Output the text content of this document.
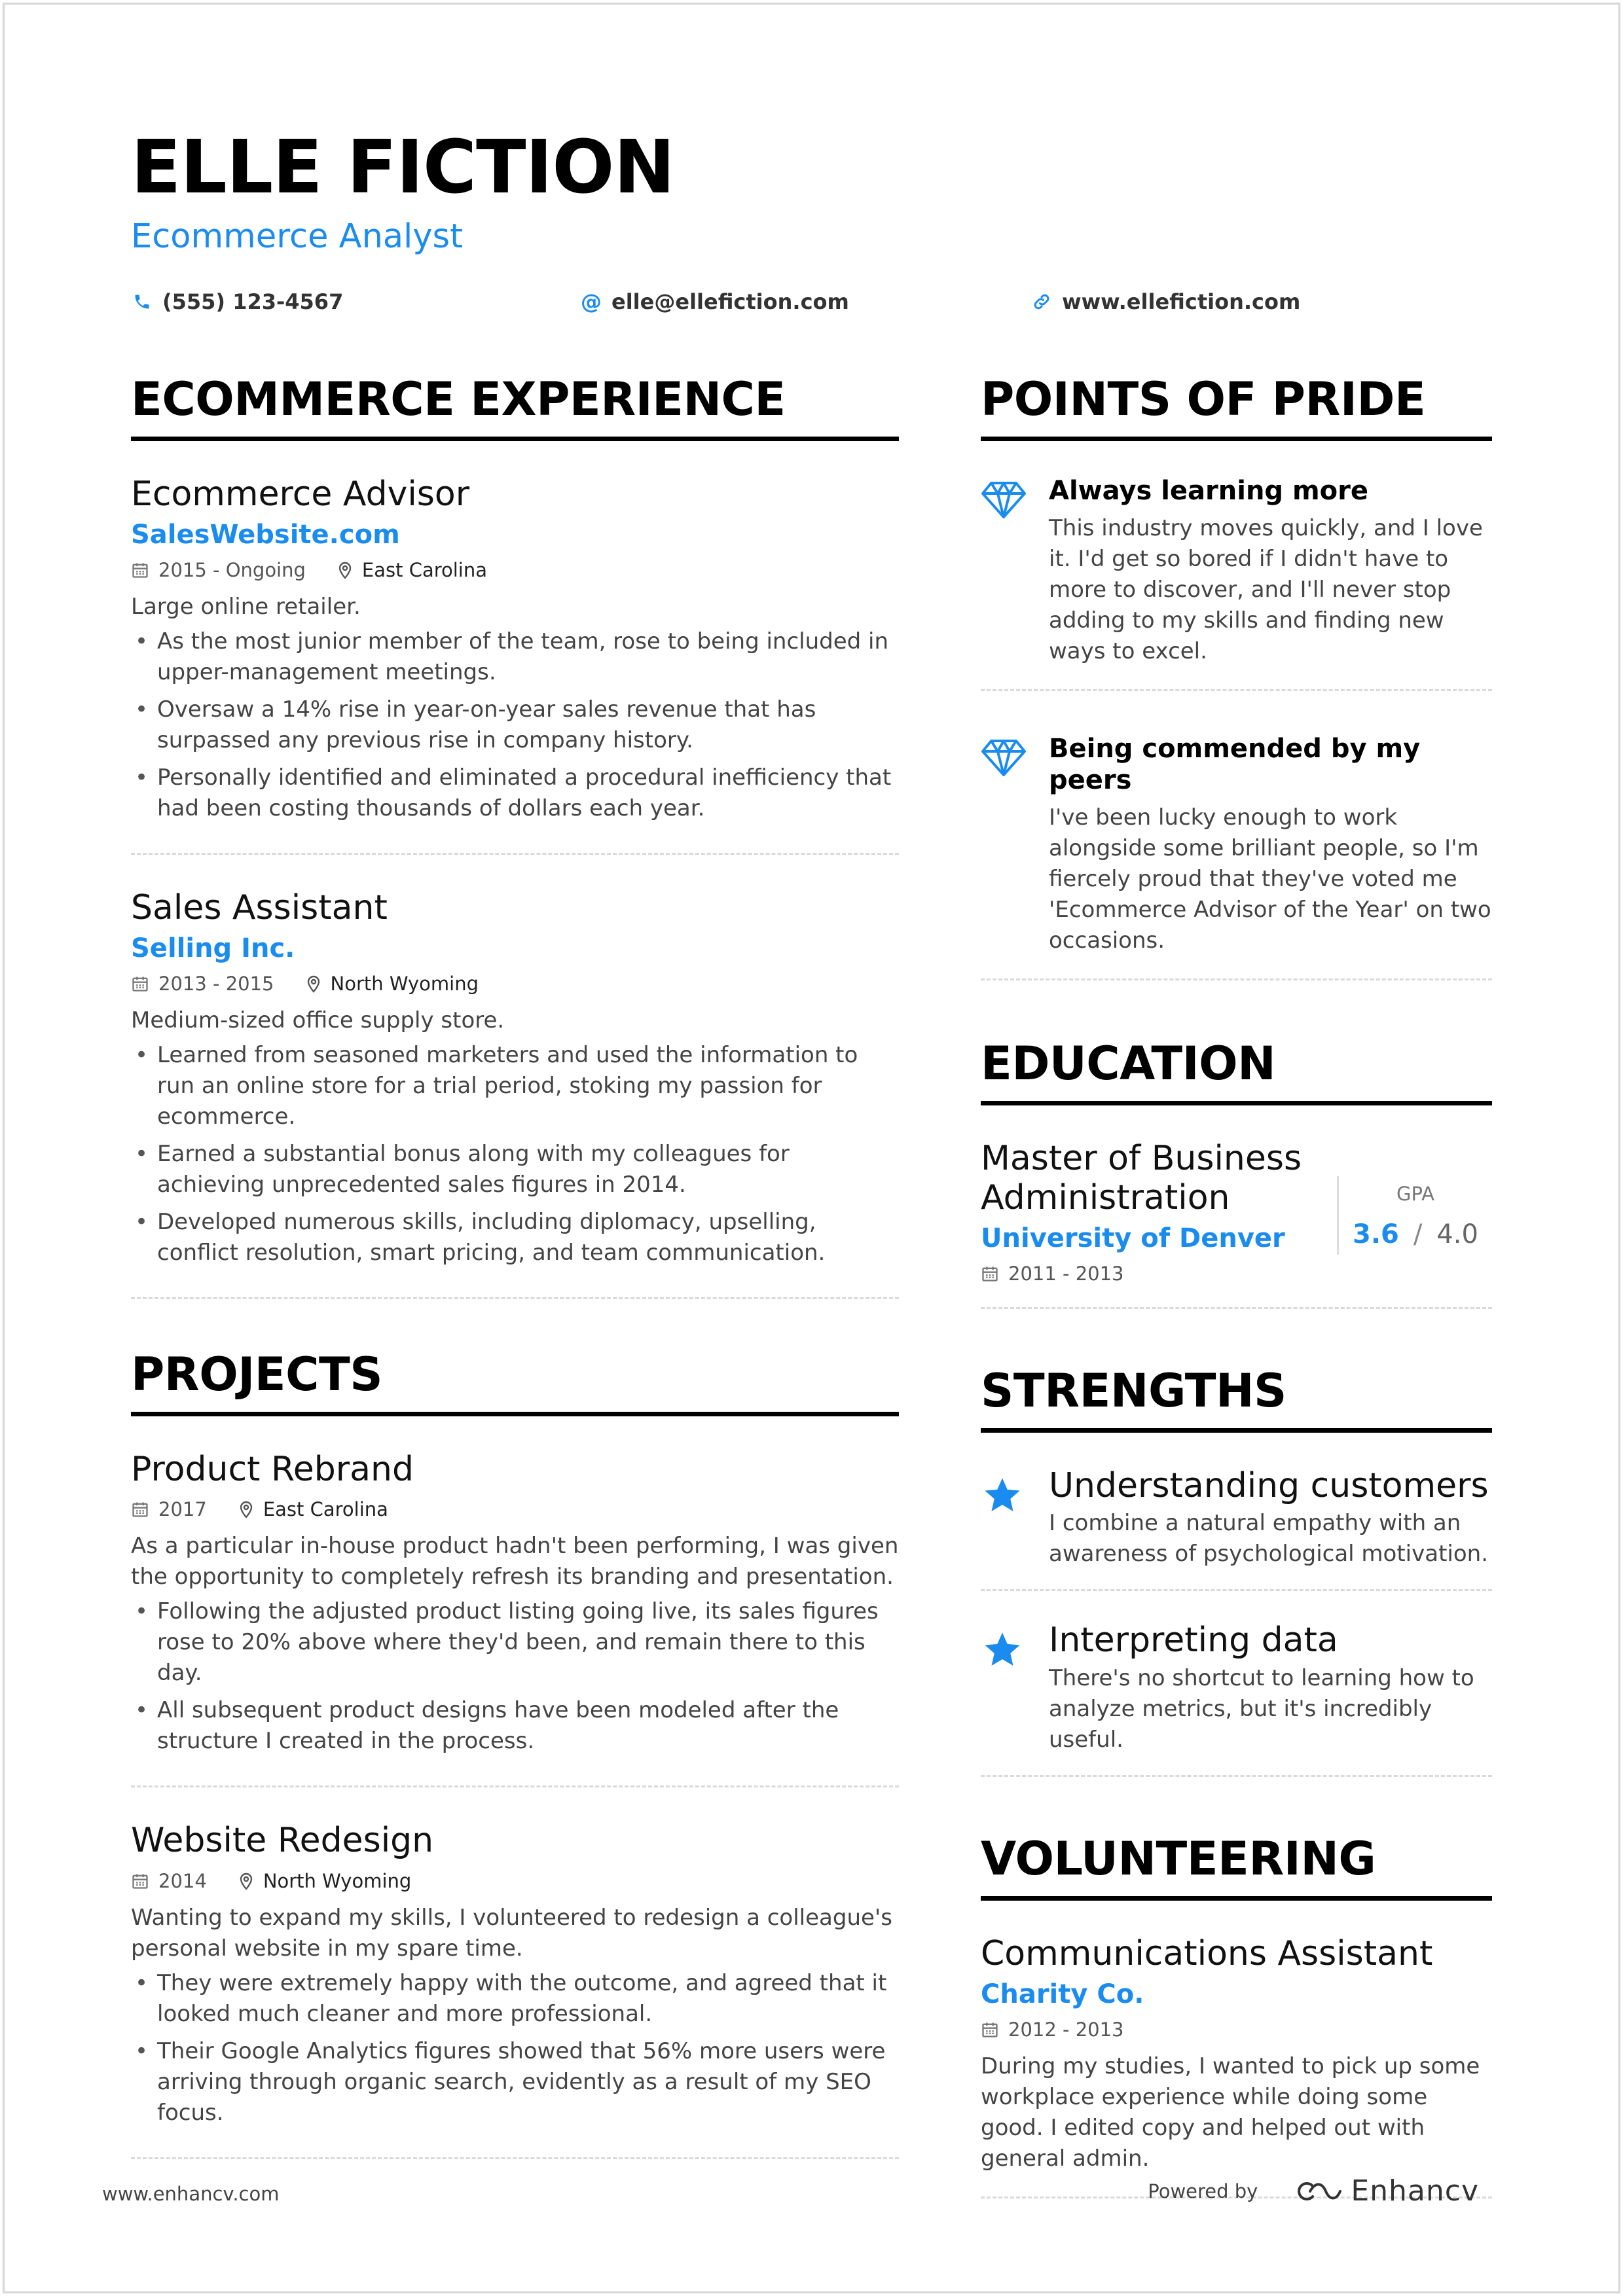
ELLE FICTION
Ecommerce Analyst
(555) 123-4567	@ elle@ellefiction.com	www.ellefiction.com
ECOMMERCE EXPERIENCE
Ecommerce Advisor
SalesWebsite.com
2015 - Ongoing	East Carolina
Large online retailer.
• As the most junior member of the team, rose to being included in upper-management meetings.
• Oversaw a 14% rise in year-on-year sales revenue that has surpassed any previous rise in company history.
• Personally identified and eliminated a procedural inefficiency that had been costing thousands of dollars each year.
Sales Assistant
Selling Inc.
2013 - 2015	North Wyoming
Medium-sized office supply store.
• Learned from seasoned marketers and used the information to run an online store for a trial period, stoking my passion for ecommerce.
• Earned a substantial bonus along with my colleagues for achieving unprecedented sales figures in 2014.
• Developed numerous skills, including diplomacy, upselling, conflict resolution, smart pricing, and team communication.
PROJECTS
Product Rebrand
2017	East Carolina
As a particular in-house product hadn't been performing, I was given the opportunity to completely refresh its branding and presentation.
• Following the adjusted product listing going live, its sales figures rose to 20% above where they'd been, and remain there to this day.
• All subsequent product designs have been modeled after the structure I created in the process.
Website Redesign
2014	North Wyoming
Wanting to expand my skills, I volunteered to redesign a colleague's personal website in my spare time.
• They were extremely happy with the outcome, and agreed that it looked much cleaner and more professional.
• Their Google Analytics figures showed that 56% more users were arriving through organic search, evidently as a result of my SEO focus.
POINTS OF PRIDE
Always learning more
This industry moves quickly, and I love it. I'd get so bored if I didn't have to more to discover, and I'll never stop adding to my skills and finding new ways to excel.
Being commended by my peers
I've been lucky enough to work alongside some brilliant people, so I'm fiercely proud that they've voted me 'Ecommerce Advisor of the Year' on two occasions.
EDUCATION
Master of Business Administration
University of Denver
2011 - 2013
GPA
3.6 / 4.0
STRENGTHS
Understanding customers
I combine a natural empathy with an awareness of psychological motivation.
Interpreting data
There's no shortcut to learning how to analyze metrics, but it's incredibly useful.
VOLUNTEERING
Communications Assistant
Charity Co.
2012 - 2013
During my studies, I wanted to pick up some workplace experience while doing some good. I edited copy and helped out with general admin.
www.enhancv.com	Powered by	Enhancv
